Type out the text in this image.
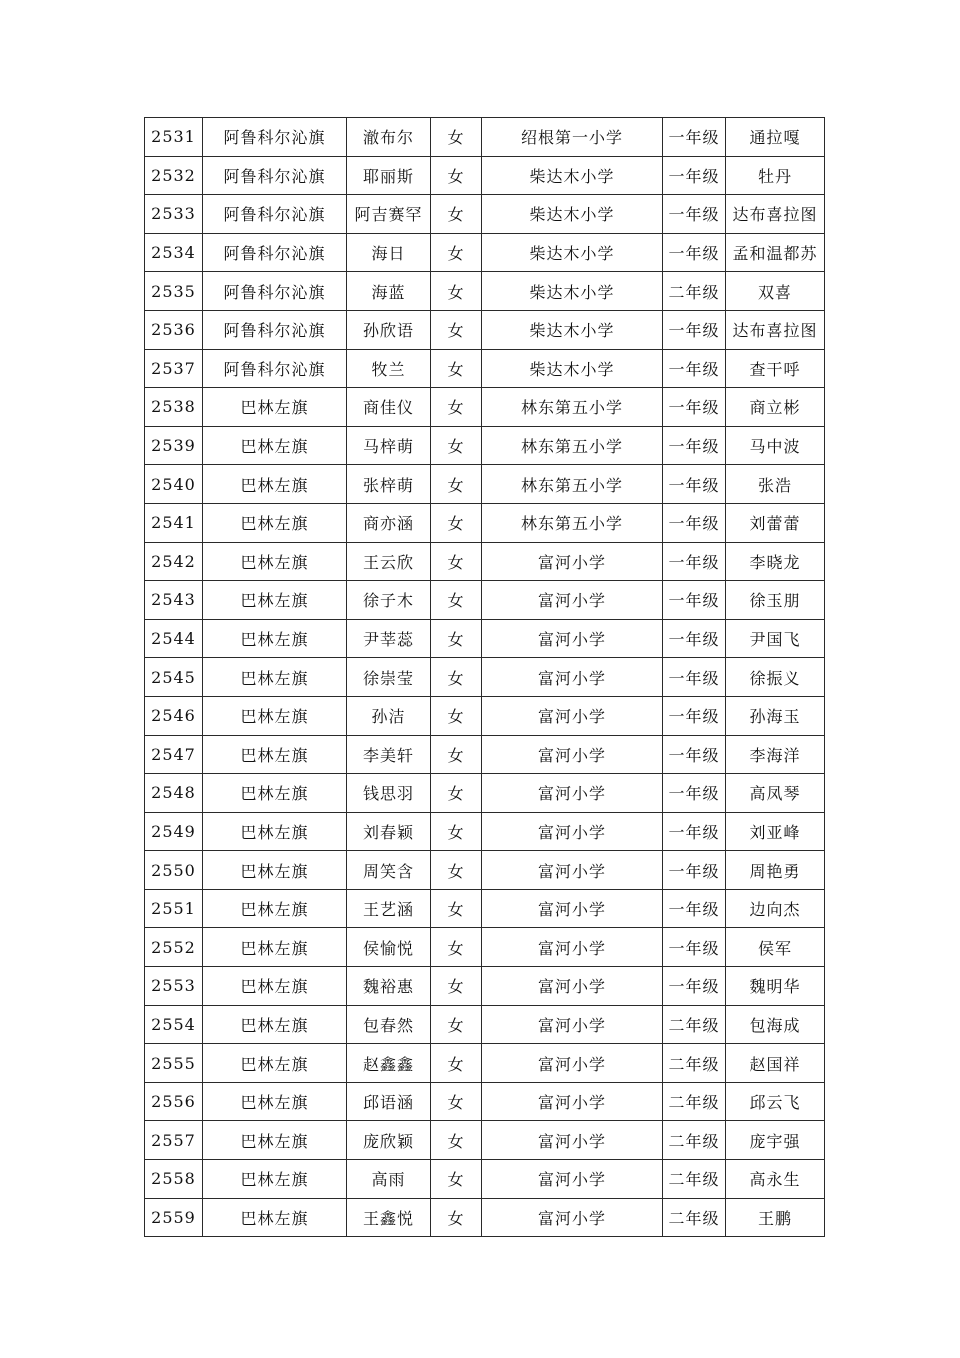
2531	阿鲁科尔沁旗	澈布尔	女	绍根第一小学	一年级	通拉嘎
2532	阿鲁科尔沁旗	耶丽斯	女	柴达木小学	一年级	牡丹
2533	阿鲁科尔沁旗	阿吉赛罕	女	柴达木小学	一年级	达布喜拉图
2534	阿鲁科尔沁旗	海日	女	柴达木小学	一年级	孟和温都苏
2535	阿鲁科尔沁旗	海蓝	女	柴达木小学	二年级	双喜
2536	阿鲁科尔沁旗	孙欣语	女	柴达木小学	一年级	达布喜拉图
2537	阿鲁科尔沁旗	牧兰	女	柴达木小学	一年级	查干呼
2538	巴林左旗	商佳仪	女	林东第五小学	一年级	商立彬
2539	巴林左旗	马梓萌	女	林东第五小学	一年级	马中波
2540	巴林左旗	张梓萌	女	林东第五小学	一年级	张浩
2541	巴林左旗	商亦涵	女	林东第五小学	一年级	刘蕾蕾
2542	巴林左旗	王云欣	女	富河小学	一年级	李晓龙
2543	巴林左旗	徐子木	女	富河小学	一年级	徐玉朋
2544	巴林左旗	尹莘蕊	女	富河小学	一年级	尹国飞
2545	巴林左旗	徐崇莹	女	富河小学	一年级	徐振义
2546	巴林左旗	孙洁	女	富河小学	一年级	孙海玉
2547	巴林左旗	李美轩	女	富河小学	一年级	李海洋
2548	巴林左旗	钱思羽	女	富河小学	一年级	高凤琴
2549	巴林左旗	刘春颖	女	富河小学	一年级	刘亚峰
2550	巴林左旗	周笑含	女	富河小学	一年级	周艳勇
2551	巴林左旗	王艺涵	女	富河小学	一年级	边向杰
2552	巴林左旗	侯愉悦	女	富河小学	一年级	侯军
2553	巴林左旗	魏裕惠	女	富河小学	一年级	魏明华
2554	巴林左旗	包春然	女	富河小学	二年级	包海成
2555	巴林左旗	赵鑫鑫	女	富河小学	二年级	赵国祥
2556	巴林左旗	邱语涵	女	富河小学	二年级	邱云飞
2557	巴林左旗	庞欣颖	女	富河小学	二年级	庞宇强
2558	巴林左旗	高雨	女	富河小学	二年级	高永生
2559	巴林左旗	王鑫悦	女	富河小学	二年级	王鹏
